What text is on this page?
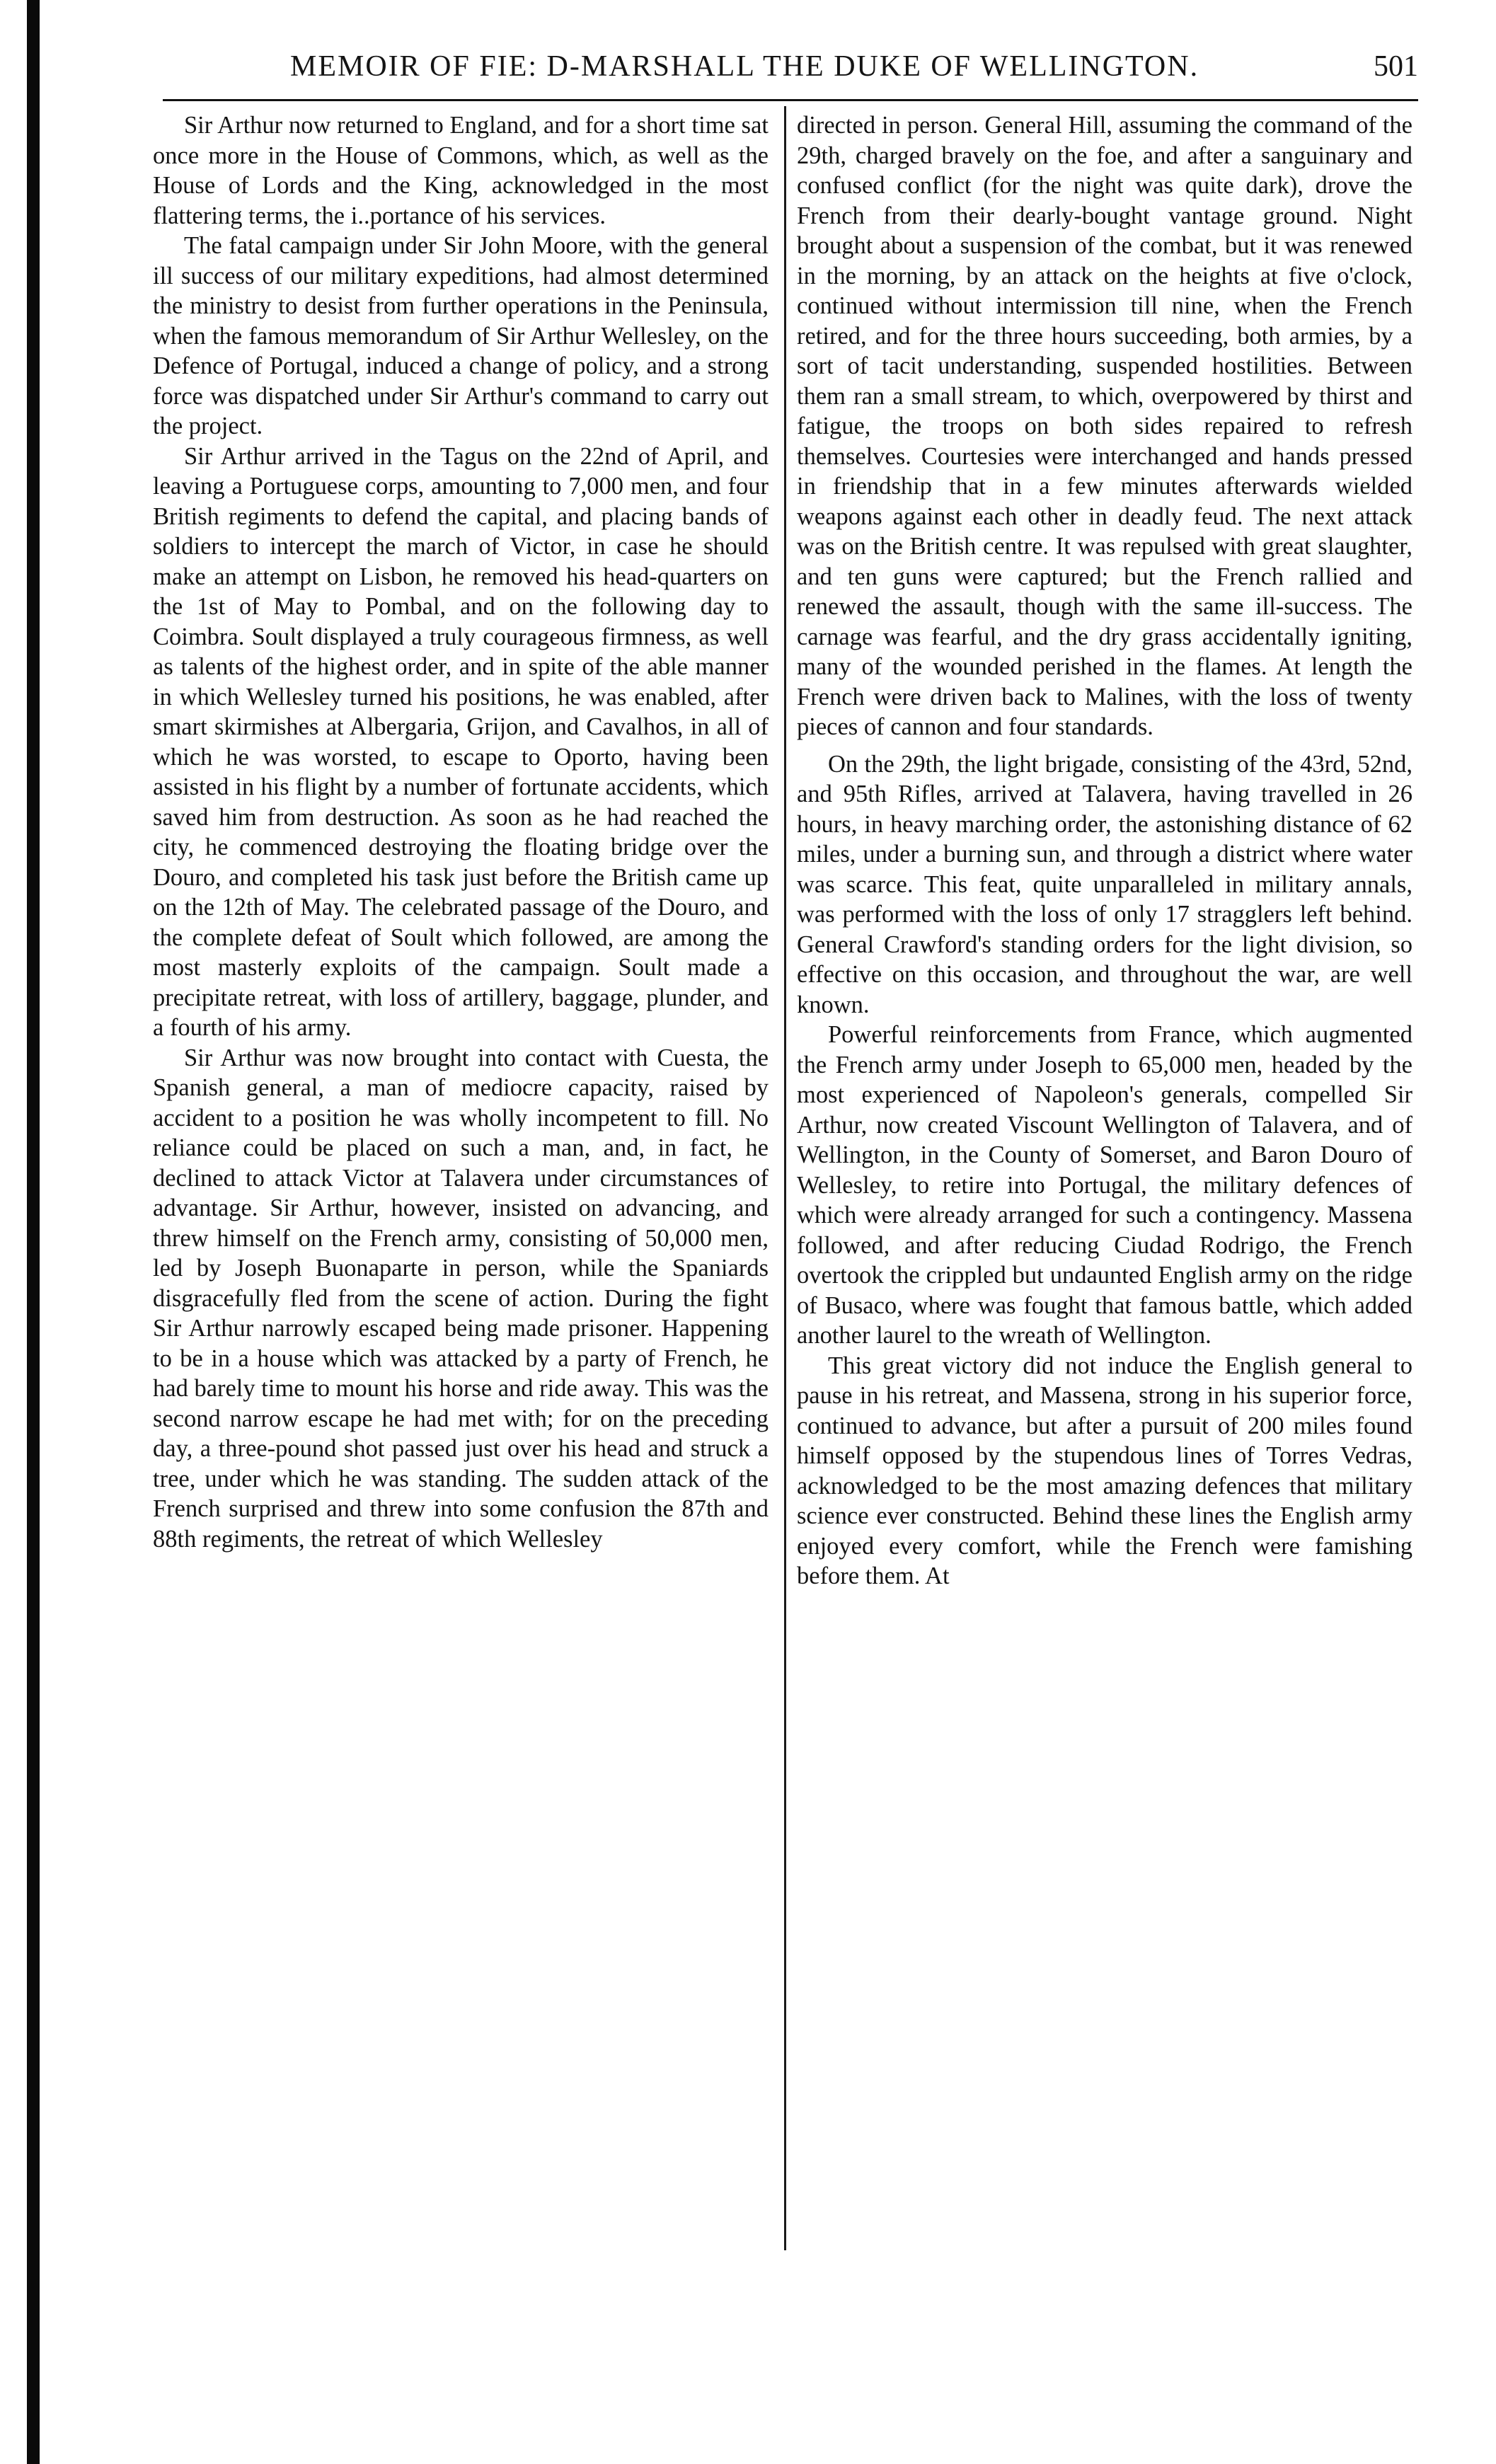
MEMOIR OF FIE: D-MARSHALL THE DUKE OF WELLINGTON.	501

Sir Arthur now returned to England, and for a short time sat once more in the House of Commons, which, as well as the House of Lords and the King, acknowledged in the most flattering terms, the i..portance of his services.

The fatal campaign under Sir John Moore, with the general ill success of our military expeditions, had almost determined the ministry to desist from further operations in the Peninsula, when the famous memorandum of Sir Arthur Wellesley, on the Defence of Portugal, induced a change of policy, and a strong force was dispatched under Sir Arthur's command to carry out the project.

Sir Arthur arrived in the Tagus on the 22nd of April, and leaving a Portuguese corps, amounting to 7,000 men, and four British regiments to defend the capital, and placing bands of soldiers to intercept the march of Victor, in case he should make an attempt on Lisbon, he removed his head-quarters on the 1st of May to Pombal, and on the following day to Coimbra. Soult displayed a truly courageous firmness, as well as talents of the highest order, and in spite of the able manner in which Wellesley turned his positions, he was enabled, after smart skirmishes at Albergaria, Grijon, and Cavalhos, in all of which he was worsted, to escape to Oporto, having been assisted in his flight by a number of fortunate accidents, which saved him from destruction. As soon as he had reached the city, he commenced destroying the floating bridge over the Douro, and completed his task just before the British came up on the 12th of May. The celebrated passage of the Douro, and the complete defeat of Soult which followed, are among the most masterly exploits of the campaign. Soult made a precipitate retreat, with loss of artillery, baggage, plunder, and a fourth of his army.

Sir Arthur was now brought into contact with Cuesta, the Spanish general, a man of mediocre capacity, raised by accident to a position he was wholly incompetent to fill. No reliance could be placed on such a man, and, in fact, he declined to attack Victor at Talavera under circumstances of advantage. Sir Arthur, however, insisted on advancing, and threw himself on the French army, consisting of 50,000 men, led by Joseph Buonaparte in person, while the Spaniards disgracefully fled from the scene of action. During the fight Sir Arthur narrowly escaped being made prisoner. Happening to be in a house which was attacked by a party of French, he had barely time to mount his horse and ride away. This was the second narrow escape he had met with; for on the preceding day, a three-pound shot passed just over his head and struck a tree, under which he was standing. The sudden attack of the French surprised and threw into some confusion the 87th and 88th regiments, the retreat of which Wellesley

directed in person. General Hill, assuming the command of the 29th, charged bravely on the foe, and after a sanguinary and confused conflict (for the night was quite dark), drove the French from their dearly-bought vantage ground. Night brought about a suspension of the combat, but it was renewed in the morning, by an attack on the heights at five o'clock, continued without intermission till nine, when the French retired, and for the three hours succeeding, both armies, by a sort of tacit understanding, suspended hostilities. Between them ran a small stream, to which, overpowered by thirst and fatigue, the troops on both sides repaired to refresh themselves. Courtesies were interchanged and hands pressed in friendship that in a few minutes afterwards wielded weapons against each other in deadly feud. The next attack was on the British centre. It was repulsed with great slaughter, and ten guns were captured; but the French rallied and renewed the assault, though with the same ill-success. The carnage was fearful, and the dry grass accidentally igniting, many of the wounded perished in the flames. At length the French were driven back to Malines, with the loss of twenty pieces of cannon and four standards.

On the 29th, the light brigade, consisting of the 43rd, 52nd, and 95th Rifles, arrived at Talavera, having travelled in 26 hours, in heavy marching order, the astonishing distance of 62 miles, under a burning sun, and through a district where water was scarce. This feat, quite unparalleled in military annals, was performed with the loss of only 17 stragglers left behind. General Crawford's standing orders for the light division, so effective on this occasion, and throughout the war, are well known.

Powerful reinforcements from France, which augmented the French army under Joseph to 65,000 men, headed by the most experienced of Napoleon's generals, compelled Sir Arthur, now created Viscount Wellington of Talavera, and of Wellington, in the County of Somerset, and Baron Douro of Wellesley, to retire into Portugal, the military defences of which were already arranged for such a contingency. Massena followed, and after reducing Ciudad Rodrigo, the French overtook the crippled but undaunted English army on the ridge of Busaco, where was fought that famous battle, which added another laurel to the wreath of Wellington.

This great victory did not induce the English general to pause in his retreat, and Massena, strong in his superior force, continued to advance, but after a pursuit of 200 miles found himself opposed by the stupendous lines of Torres Vedras, acknowledged to be the most amazing defences that military science ever constructed. Behind these lines the English army enjoyed every comfort, while the French were famishing before them. At
